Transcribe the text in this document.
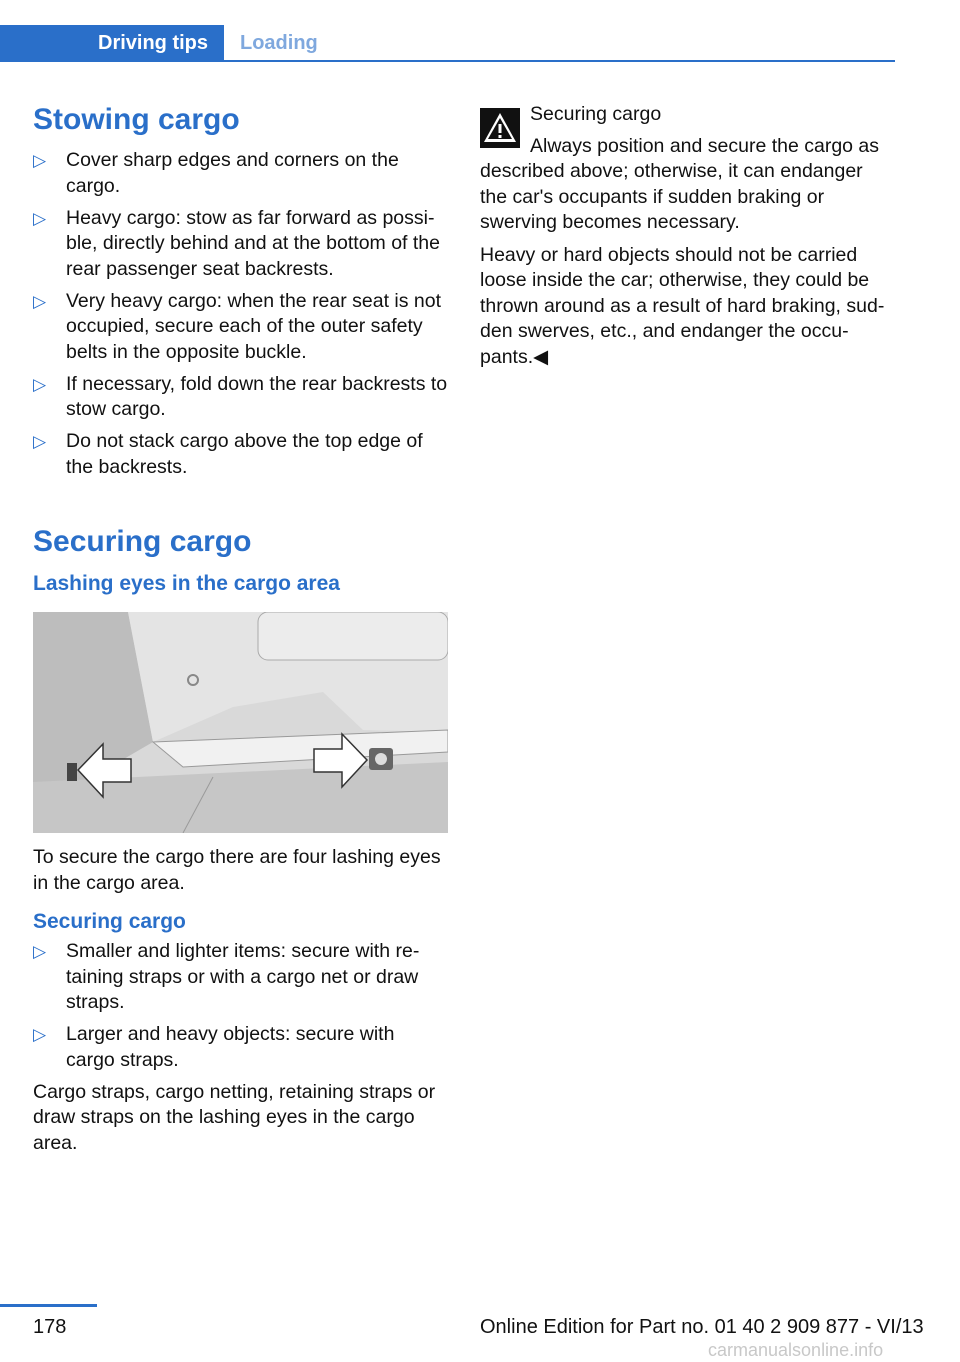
Driving tips	Loading
Stowing cargo
▷ Cover sharp edges and corners on the cargo.
▷ Heavy cargo: stow as far forward as possible, directly behind and at the bottom of the rear passenger seat backrests.
▷ Very heavy cargo: when the rear seat is not occupied, secure each of the outer safety belts in the opposite buckle.
▷ If necessary, fold down the rear backrests to stow cargo.
▷ Do not stack cargo above the top edge of the backrests.
Securing cargo
Lashing eyes in the cargo area

To secure the cargo there are four lashing eyes in the cargo area.

Securing cargo
▷ Smaller and lighter items: secure with retaining straps or with a cargo net or draw straps.
▷ Larger and heavy objects: secure with cargo straps.

Cargo straps, cargo netting, retaining straps or draw straps on the lashing eyes in the cargo area.

Securing cargo

Always position and secure the cargo as described above; otherwise, it can endanger the car's occupants if sudden braking or swerving becomes necessary.

Heavy or hard objects should not be carried loose inside the car; otherwise, they could be thrown around as a result of hard braking, sudden swerves, etc., and endanger the occupants.◀

178	Online Edition for Part no. 01 40 2 909 877 - VI/13
carmanualsonline.info
